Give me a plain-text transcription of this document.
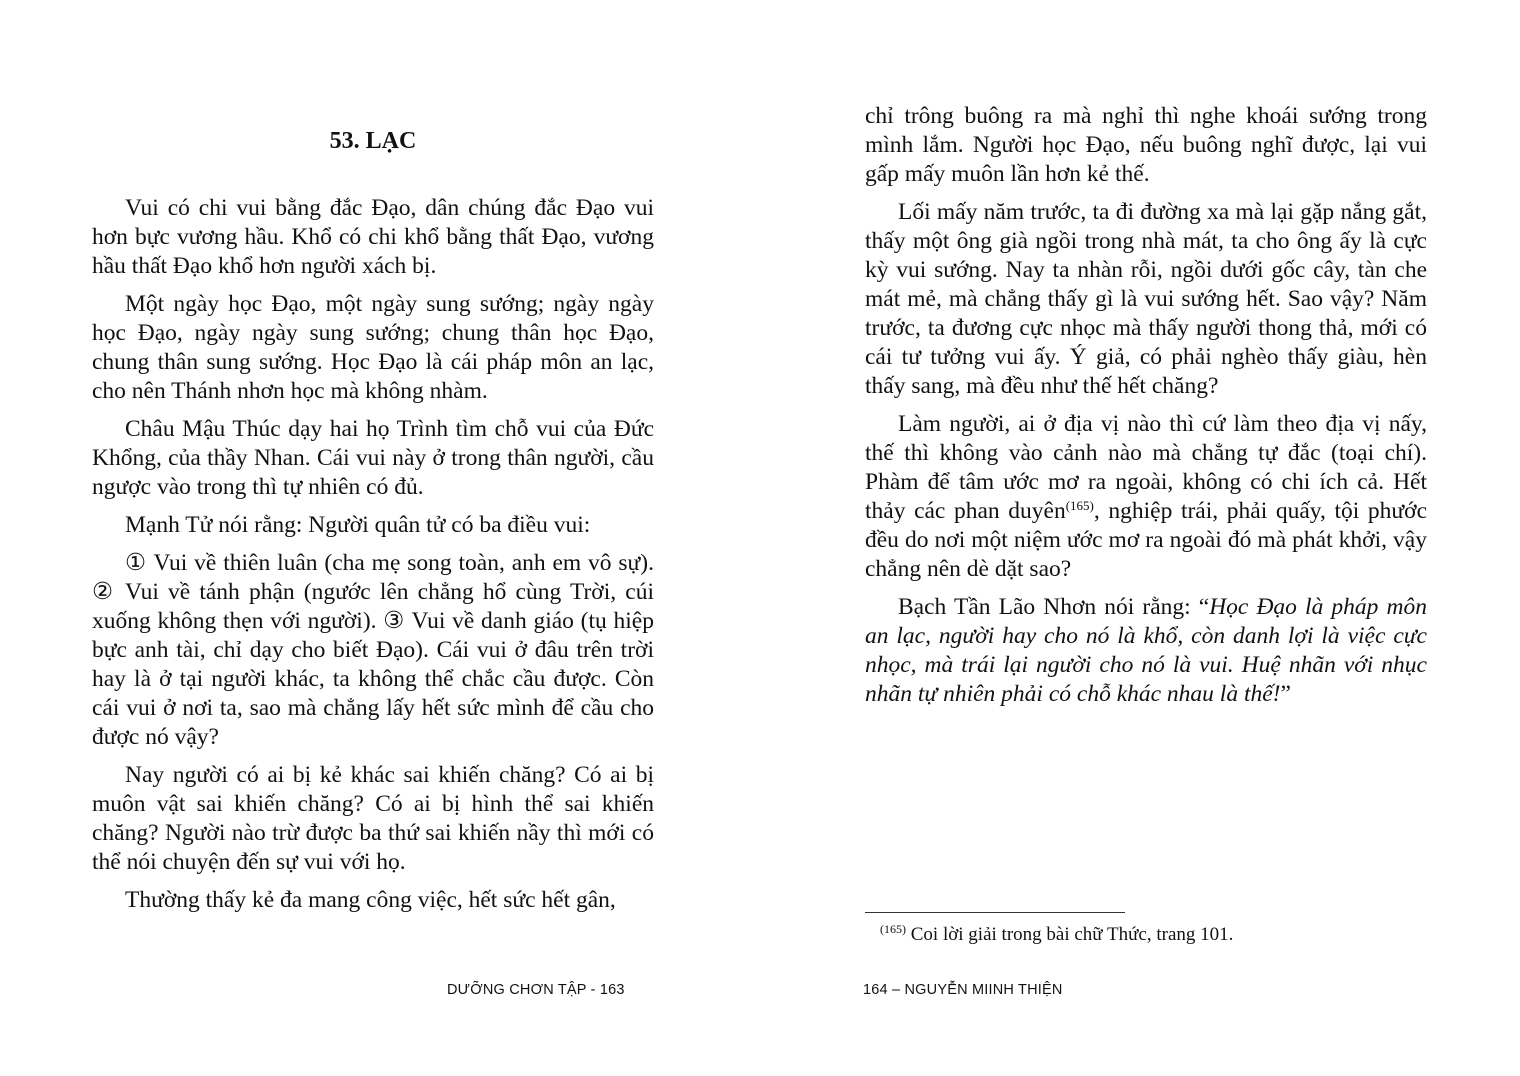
53. LẠC

Vui có chi vui bằng đắc Đạo, dân chúng đắc Đạo vui hơn bực vương hầu. Khổ có chi khổ bằng thất Đạo, vương hầu thất Đạo khổ hơn người xách bị.

Một ngày học Đạo, một ngày sung sướng; ngày ngày học Đạo, ngày ngày sung sướng; chung thân học Đạo, chung thân sung sướng. Học Đạo là cái pháp môn an lạc, cho nên Thánh nhơn học mà không nhàm.

Châu Mậu Thúc dạy hai họ Trình tìm chỗ vui của Đức Khổng, của thầy Nhan. Cái vui này ở trong thân người, cầu ngược vào trong thì tự nhiên có đủ.

Mạnh Tử nói rằng: Người quân tử có ba điều vui:

① Vui về thiên luân (cha mẹ song toàn, anh em vô sự). ② Vui về tánh phận (ngước lên chẳng hổ cùng Trời, cúi xuống không thẹn với người). ③ Vui về danh giáo (tụ hiệp bực anh tài, chỉ dạy cho biết Đạo). Cái vui ở đâu trên trời hay là ở tại người khác, ta không thể chắc cầu được. Còn cái vui ở nơi ta, sao mà chẳng lấy hết sức mình để cầu cho được nó vậy?

Nay người có ai bị kẻ khác sai khiến chăng? Có ai bị muôn vật sai khiến chăng? Có ai bị hình thể sai khiến chăng? Người nào trừ được ba thứ sai khiến nầy thì mới có thể nói chuyện đến sự vui với họ.

Thường thấy kẻ đa mang công việc, hết sức hết gân,

DƯỠNG CHƠN TẬP - 163

chỉ trông buông ra mà nghỉ thì nghe khoái sướng trong mình lắm. Người học Đạo, nếu buông nghĩ được, lại vui gấp mấy muôn lần hơn kẻ thế.

Lối mấy năm trước, ta đi đường xa mà lại gặp nắng gắt, thấy một ông già ngồi trong nhà mát, ta cho ông ấy là cực kỳ vui sướng. Nay ta nhàn rỗi, ngồi dưới gốc cây, tàn che mát mẻ, mà chẳng thấy gì là vui sướng hết. Sao vậy? Năm trước, ta đương cực nhọc mà thấy người thong thả, mới có cái tư tưởng vui ấy. Ý giả, có phải nghèo thấy giàu, hèn thấy sang, mà đều như thế hết chăng?

Làm người, ai ở địa vị nào thì cứ làm theo địa vị nấy, thế thì không vào cảnh nào mà chẳng tự đắc (toại chí). Phàm để tâm ước mơ ra ngoài, không có chi ích cả. Hết thảy các phan duyên$^{(165)}$, nghiệp trái, phải quấy, tội phước đều do nơi một niệm ước mơ ra ngoài đó mà phát khởi, vậy chẳng nên dè dặt sao?

Bạch Tần Lão Nhơn nói rằng: “Học Đạo là pháp môn an lạc, người hay cho nó là khổ, còn danh lợi là việc cực nhọc, mà trái lại người cho nó là vui. Huệ nhãn với nhục nhãn tự nhiên phải có chỗ khác nhau là thế!”

$^{(165)}$ Coi lời giải trong bài chữ Thức, trang 101.
164 – NGUYỄN MIINH THIỆN
